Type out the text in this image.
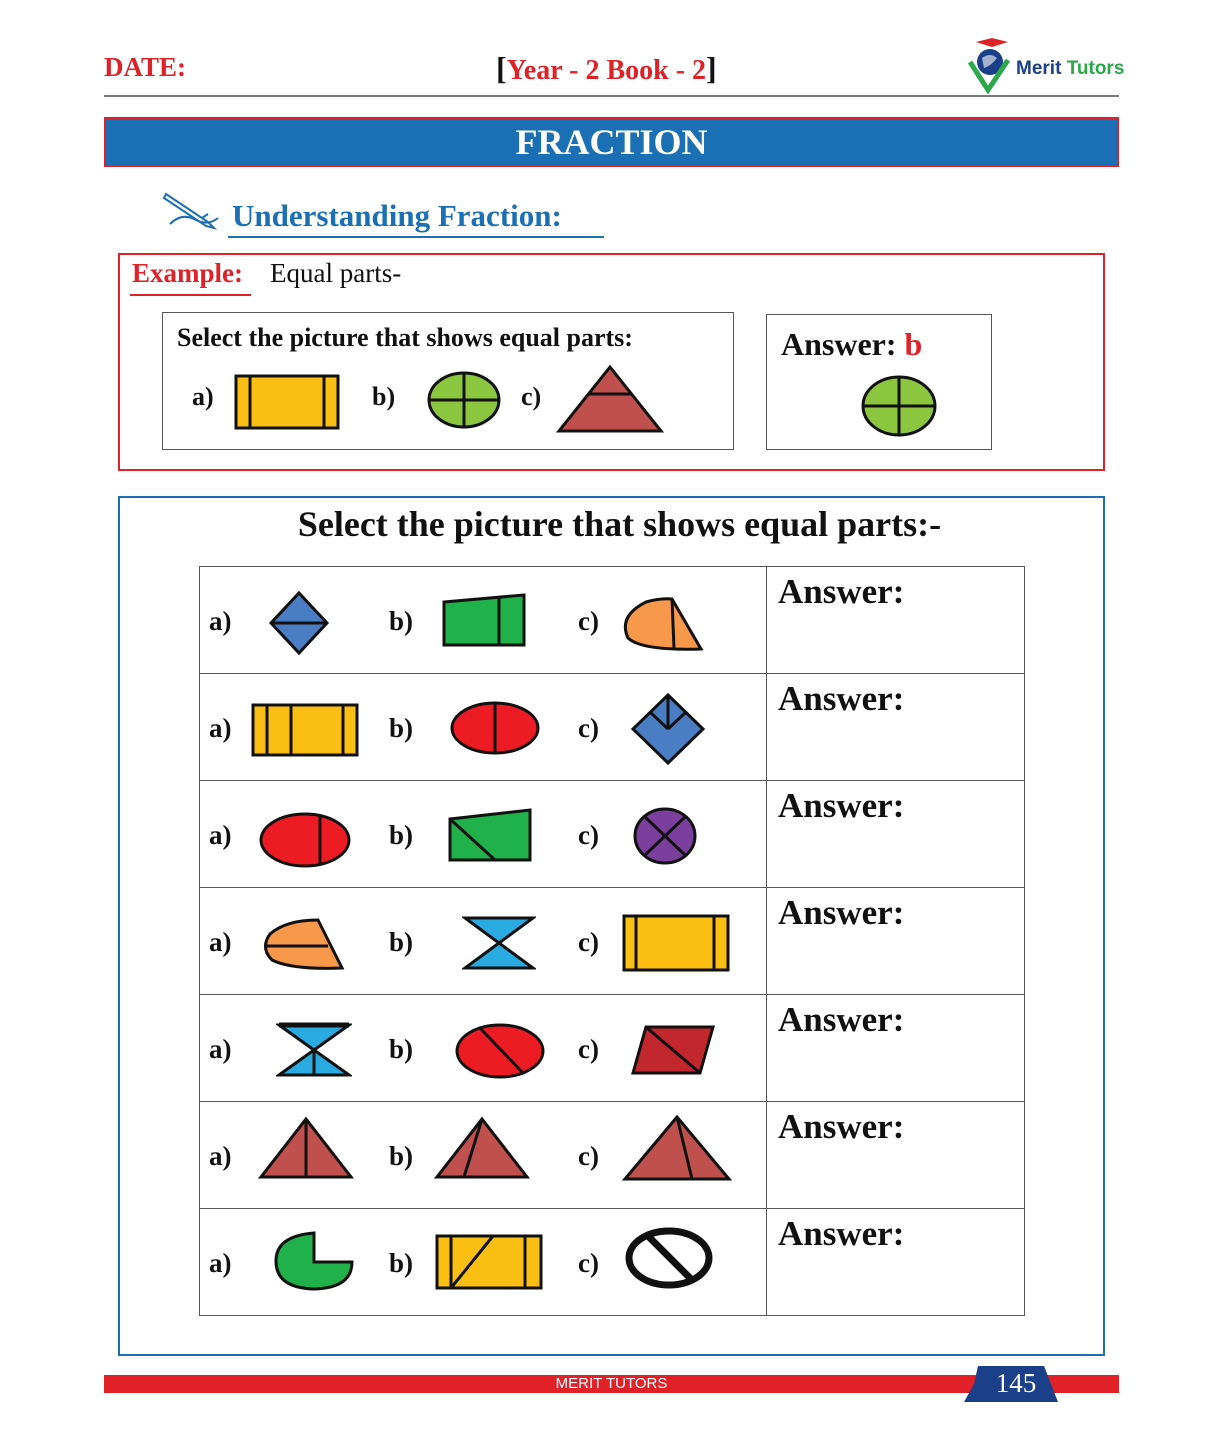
DATE:	[Year - 2 Book - 2]	Merit Tutors
FRACTION
Understanding Fraction:
Example: Equal parts-
Select the picture that shows equal parts:
a)	b)	c)
Answer: b
Select the picture that shows equal parts:-
a)	b)	c)
Answer:
a)	b)	c)
Answer:
a)	b)	c)
Answer:
a)	b)	c)
Answer:
a)	b)	c)
Answer:
a)	b)	c)
Answer:
a)	b)	c)
Answer:
MERIT TUTORS	145
